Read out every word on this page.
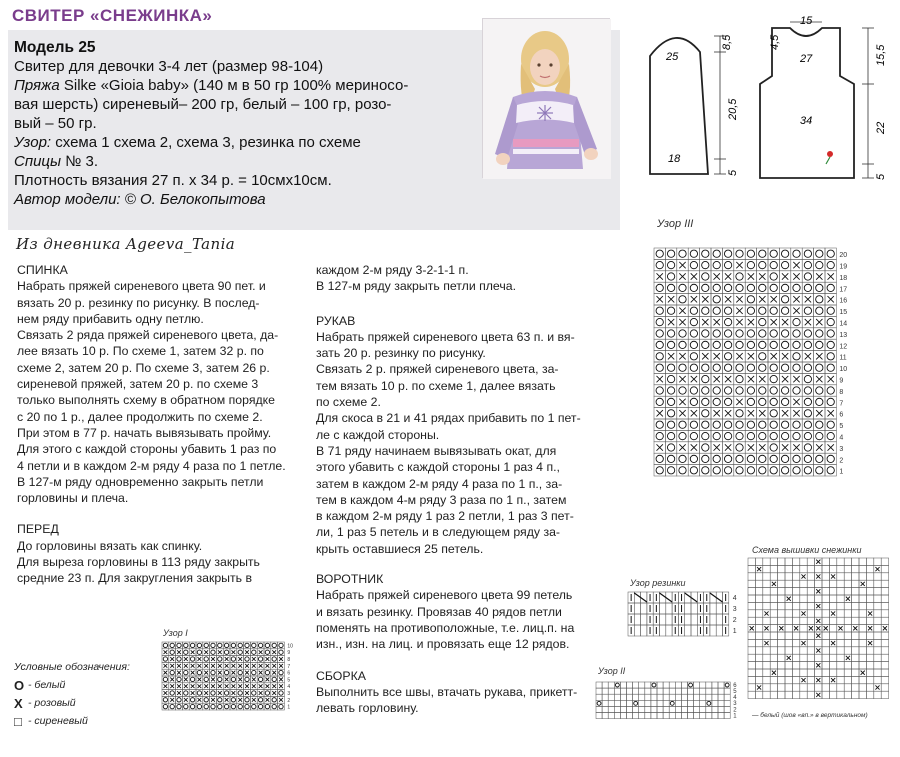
СВИТЕР «СНЕЖИНКА»
Модель 25
Свитер для девочки 3-4 лет (размер 98-104)
Пряжа Silke «Gioia baby» (140 м в 50 гр 100% мериносо-
вая шерсть) сиреневый– 200 гр, белый – 100 гр, розо-
вый – 50 гр.
Узор: схема 1 схема 2, схема 3, резинка по схеме
Спицы № 3.
Плотность вязания 27 п. х 34 р. = 10смх10см.
Автор модели: © О. Белокопытова
Из дневника Ageeva_Tania

СПИНКА

Набрать пряжей сиреневого цвета 90 пет. и

вязать 20 р. резинку по рисунку. В послед-

нем ряду прибавить одну петлю.

Связать 2 ряда пряжей сиреневого цвета, да-

лее вязать 10 р. По схеме 1, затем 32 р. по

схеме 2, затем 20 р. По схеме 3, затем 26 р.

сиреневой пряжей, затем 20 р. по схеме 3

только выполнять схему в обратном порядке

с 20 по 1 р., далее продолжить по схеме 2.

При этом в 77 р. начать вывязывать пройму.

Для этого с каждой стороны убавить 1 раз по

4 петли и в каждом 2-м ряду 4 раза по 1 петле.

В 127-м ряду одновременно закрыть петли

горловины и плеча.

ПЕРЕД

До горловины вязать как спинку.

Для выреза горловины в 113 ряду закрыть

средние 23 п. Для закругления закрыть в

каждом 2-м ряду 3-2-1-1 п.

В 127-м ряду закрыть петли плеча.

РУКАВ

Набрать пряжей сиреневого цвета 63 п. и вя-

зать 20 р. резинку по рисунку.

Связать 2 р. пряжей сиреневого цвета, за-

тем вязать 10 р. по схеме 1, далее вязать

по схеме 2.

Для скоса в 21 и 41 рядах прибавить по 1 пет-

ле с каждой стороны.

В 71 ряду начинаем вывязывать окат, для

этого убавить с каждой стороны 1 раз 4 п.,

затем в каждом 2-м ряду 4 раза по 1 п., за-

тем в каждом 4-м ряду 3 раза по 1 п., затем

в каждом 2-м ряду 1 раз 2 петли, 1 раз 3 пет-

ли, 1 раз 5 петель и в следующем ряду за-

крыть оставшиеся 25 петель.

ВОРОТНИК

Набрать пряжей сиреневого цвета 99 петель

и вязать резинку. Провязав 40 рядов петли

поменять на противоположные, т.е. лиц.п. на

изн., изн. на лиц. и провязать еще 12 рядов.

СБОРКА

Выполнить все швы, втачать рукава, прикетт-

левать горловину.

Условные обозначения:
O - белый
X - розовый
□ - сиреневый
Узор I
10
9
8
7
6
5
4
3
2
1
8,5
20,5
5
25
18
15
4,5
27
34
15,5
22
5
Узор III
20
19
18
17
16
15
14
13
12
11
10
9
8
7
6
5
4
3
2
1
Узор резинки
4
3
2
1
Узор II
6
5
4
3
2
1
Схема вышивки снежинки
— белый (шов «вп.» в вертикальном)
